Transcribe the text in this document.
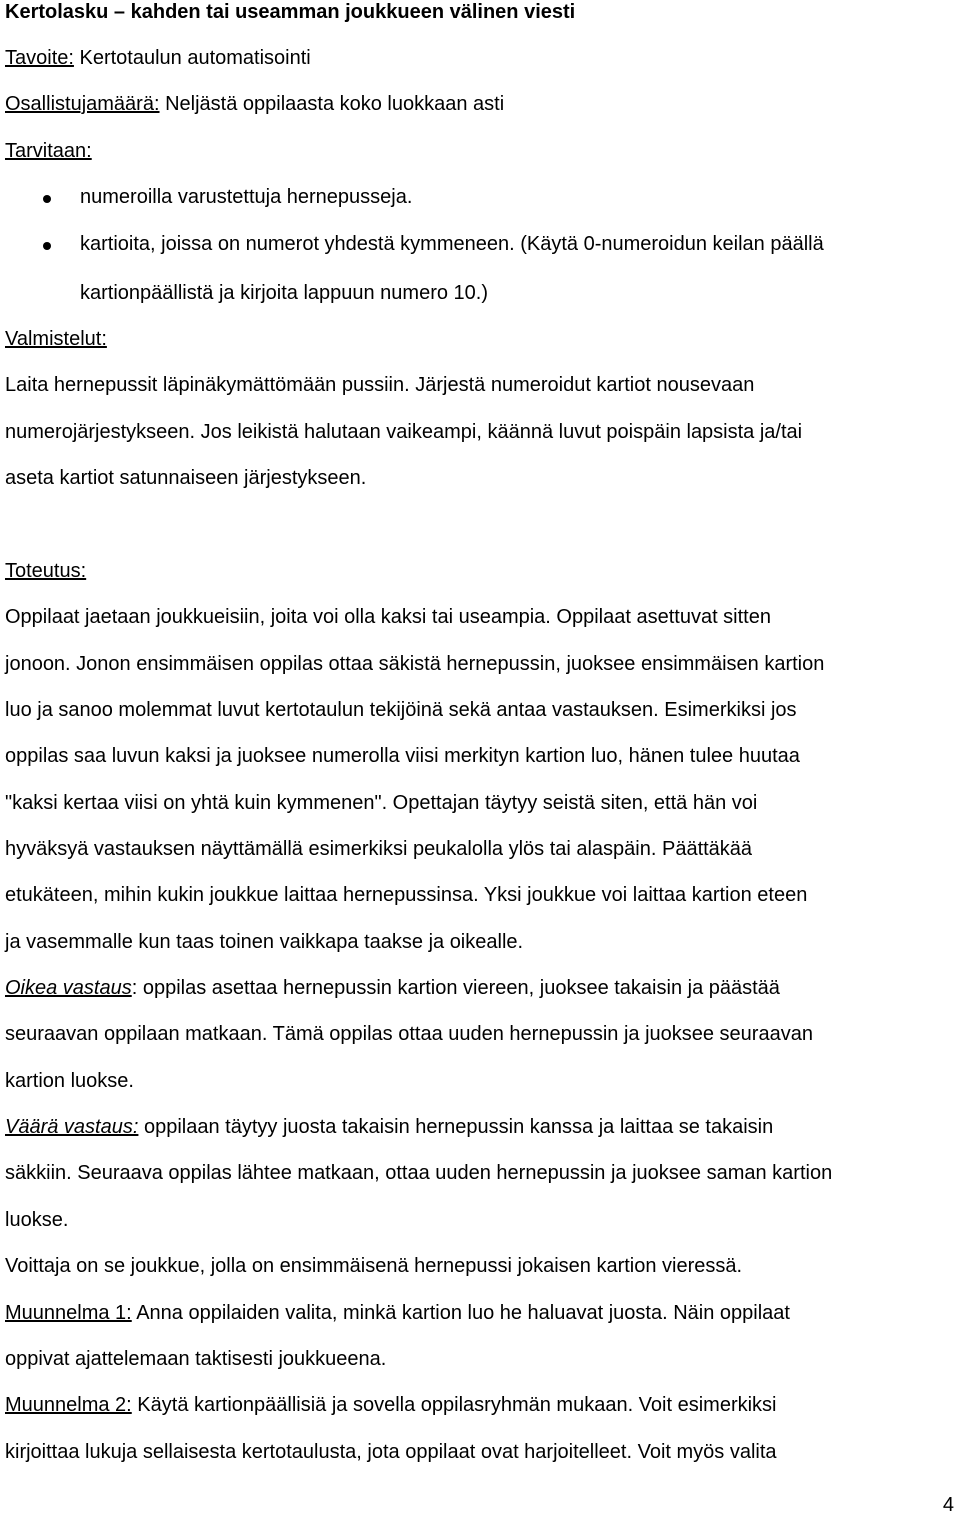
Kertolasku – kahden tai useamman joukkueen välinen viesti
Tavoite: Kertotaulun automatisointi
Osallistujamäärä: Neljästä oppilaasta koko luokkaan asti
Tarvitaan:
numeroilla varustettuja hernepusseja.
kartioita, joissa on numerot yhdestä kymmeneen. (Käytä 0-numeroidun keilan päällä
kartionpäällistä ja kirjoita lappuun numero 10.)
Valmistelut:
Laita hernepussit läpinäkymättömään pussiin. Järjestä numeroidut kartiot nousevaan
numerojärjestykseen. Jos leikistä halutaan vaikeampi, käännä luvut poispäin lapsista ja/tai
aseta kartiot satunnaiseen järjestykseen.
Toteutus:
Oppilaat jaetaan joukkueisiin, joita voi olla kaksi tai useampia. Oppilaat asettuvat sitten
jonoon. Jonon ensimmäisen oppilas ottaa säkistä hernepussin, juoksee ensimmäisen kartion
luo ja sanoo molemmat luvut kertotaulun tekijöinä sekä antaa vastauksen. Esimerkiksi jos
oppilas saa luvun kaksi ja juoksee numerolla viisi merkityn kartion luo, hänen tulee huutaa
"kaksi kertaa viisi on yhtä kuin kymmenen". Opettajan täytyy seistä siten, että hän voi
hyväksyä vastauksen näyttämällä esimerkiksi peukalolla ylös tai alaspäin. Päättäkää
etukäteen, mihin kukin joukkue laittaa hernepussinsa. Yksi joukkue voi laittaa kartion eteen
ja vasemmalle kun taas toinen vaikkapa taakse ja oikealle.
Oikea vastaus: oppilas asettaa hernepussin kartion viereen, juoksee takaisin ja päästää
seuraavan oppilaan matkaan. Tämä oppilas ottaa uuden hernepussin ja juoksee seuraavan
kartion luokse.
Väärä vastaus: oppilaan täytyy juosta takaisin hernepussin kanssa ja laittaa se takaisin
säkkiin. Seuraava oppilas lähtee matkaan, ottaa uuden hernepussin ja juoksee saman kartion
luokse.
Voittaja on se joukkue, jolla on ensimmäisenä hernepussi jokaisen kartion vieressä.
Muunnelma 1: Anna oppilaiden valita, minkä kartion luo he haluavat juosta. Näin oppilaat
oppivat ajattelemaan taktisesti joukkueena.
Muunnelma 2: Käytä kartionpäällisiä ja sovella oppilasryhmän mukaan. Voit esimerkiksi
kirjoittaa lukuja sellaisesta kertotaulusta, jota oppilaat ovat harjoitelleet. Voit myös valita
4
